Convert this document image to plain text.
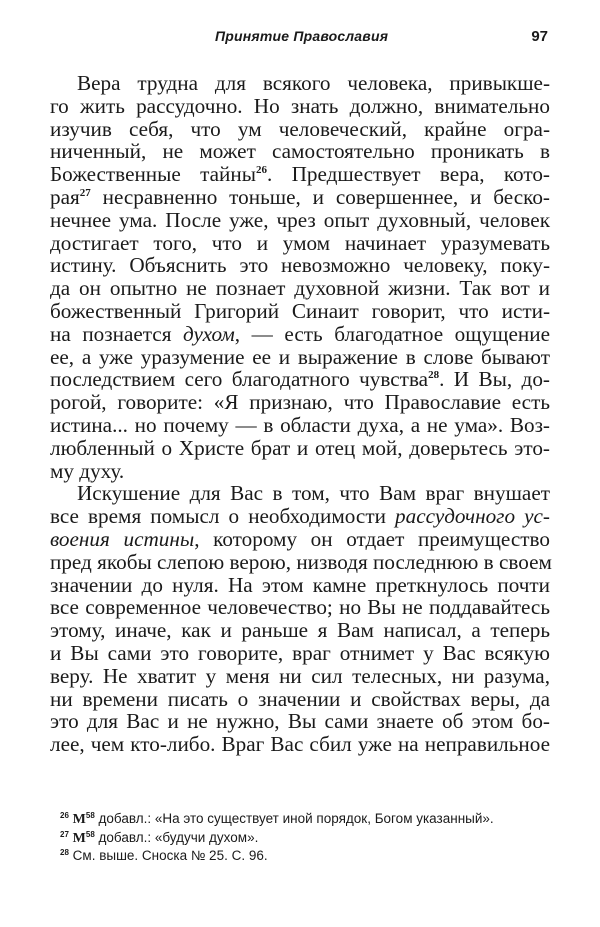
Принятие Православия	97
Вера трудна для всякого человека, привыкше-
го жить рассудочно. Но знать должно, внимательно
изучив себя, что ум человеческий, крайне огра-
ниченный, не может самостоятельно проникать в
Божественные тайны$^{26}$. Предшествует вера, кото-
рая$^{27}$ несравненно тоньше, и совершеннее, и беско-
нечнее ума. После уже, чрез опыт духовный, человек
достигает того, что и умом начинает уразумевать
истину. Объяснить это невозможно человеку, поку-
да он опытно не познает духовной жизни. Так вот и
божественный Григорий Синаит говорит, что исти-
на познается духом, — есть благодатное ощущение
ее, а уже уразумение ее и выражение в слове бывают
последствием сего благодатного чувства$^{28}$. И Вы, до-
рогой, говорите: «Я признаю, что Православие есть
истина... но почему — в области духа, а не ума». Воз-
любленный о Христе брат и отец мой, доверьтесь это-
му духу.
Искушение для Вас в том, что Вам враг внушает
все время помысл о необходимости рассудочного ус-
воения истины, которому он отдает преимущество
пред якобы слепою верою, низводя последнюю в своем
значении до нуля. На этом камне преткнулось почти
все современное человечество; но Вы не поддавайтесь
этому, иначе, как и раньше я Вам написал, а теперь
и Вы сами это говорите, враг отнимет у Вас всякую
веру. Не хватит у меня ни сил телесных, ни разума,
ни времени писать о значении и свойствах веры, да
это для Вас и не нужно, Вы сами знаете об этом бо-
лее, чем кто-либо. Враг Вас сбил уже на неправильное
$^{26}$ $M^{58}$ добавл.: «На это существует иной порядок, Богом указанный».
$^{27}$ $M^{58}$ добавл.: «будучи духом».
$^{28}$ См. выше. Сноска № 25. С. 96.
